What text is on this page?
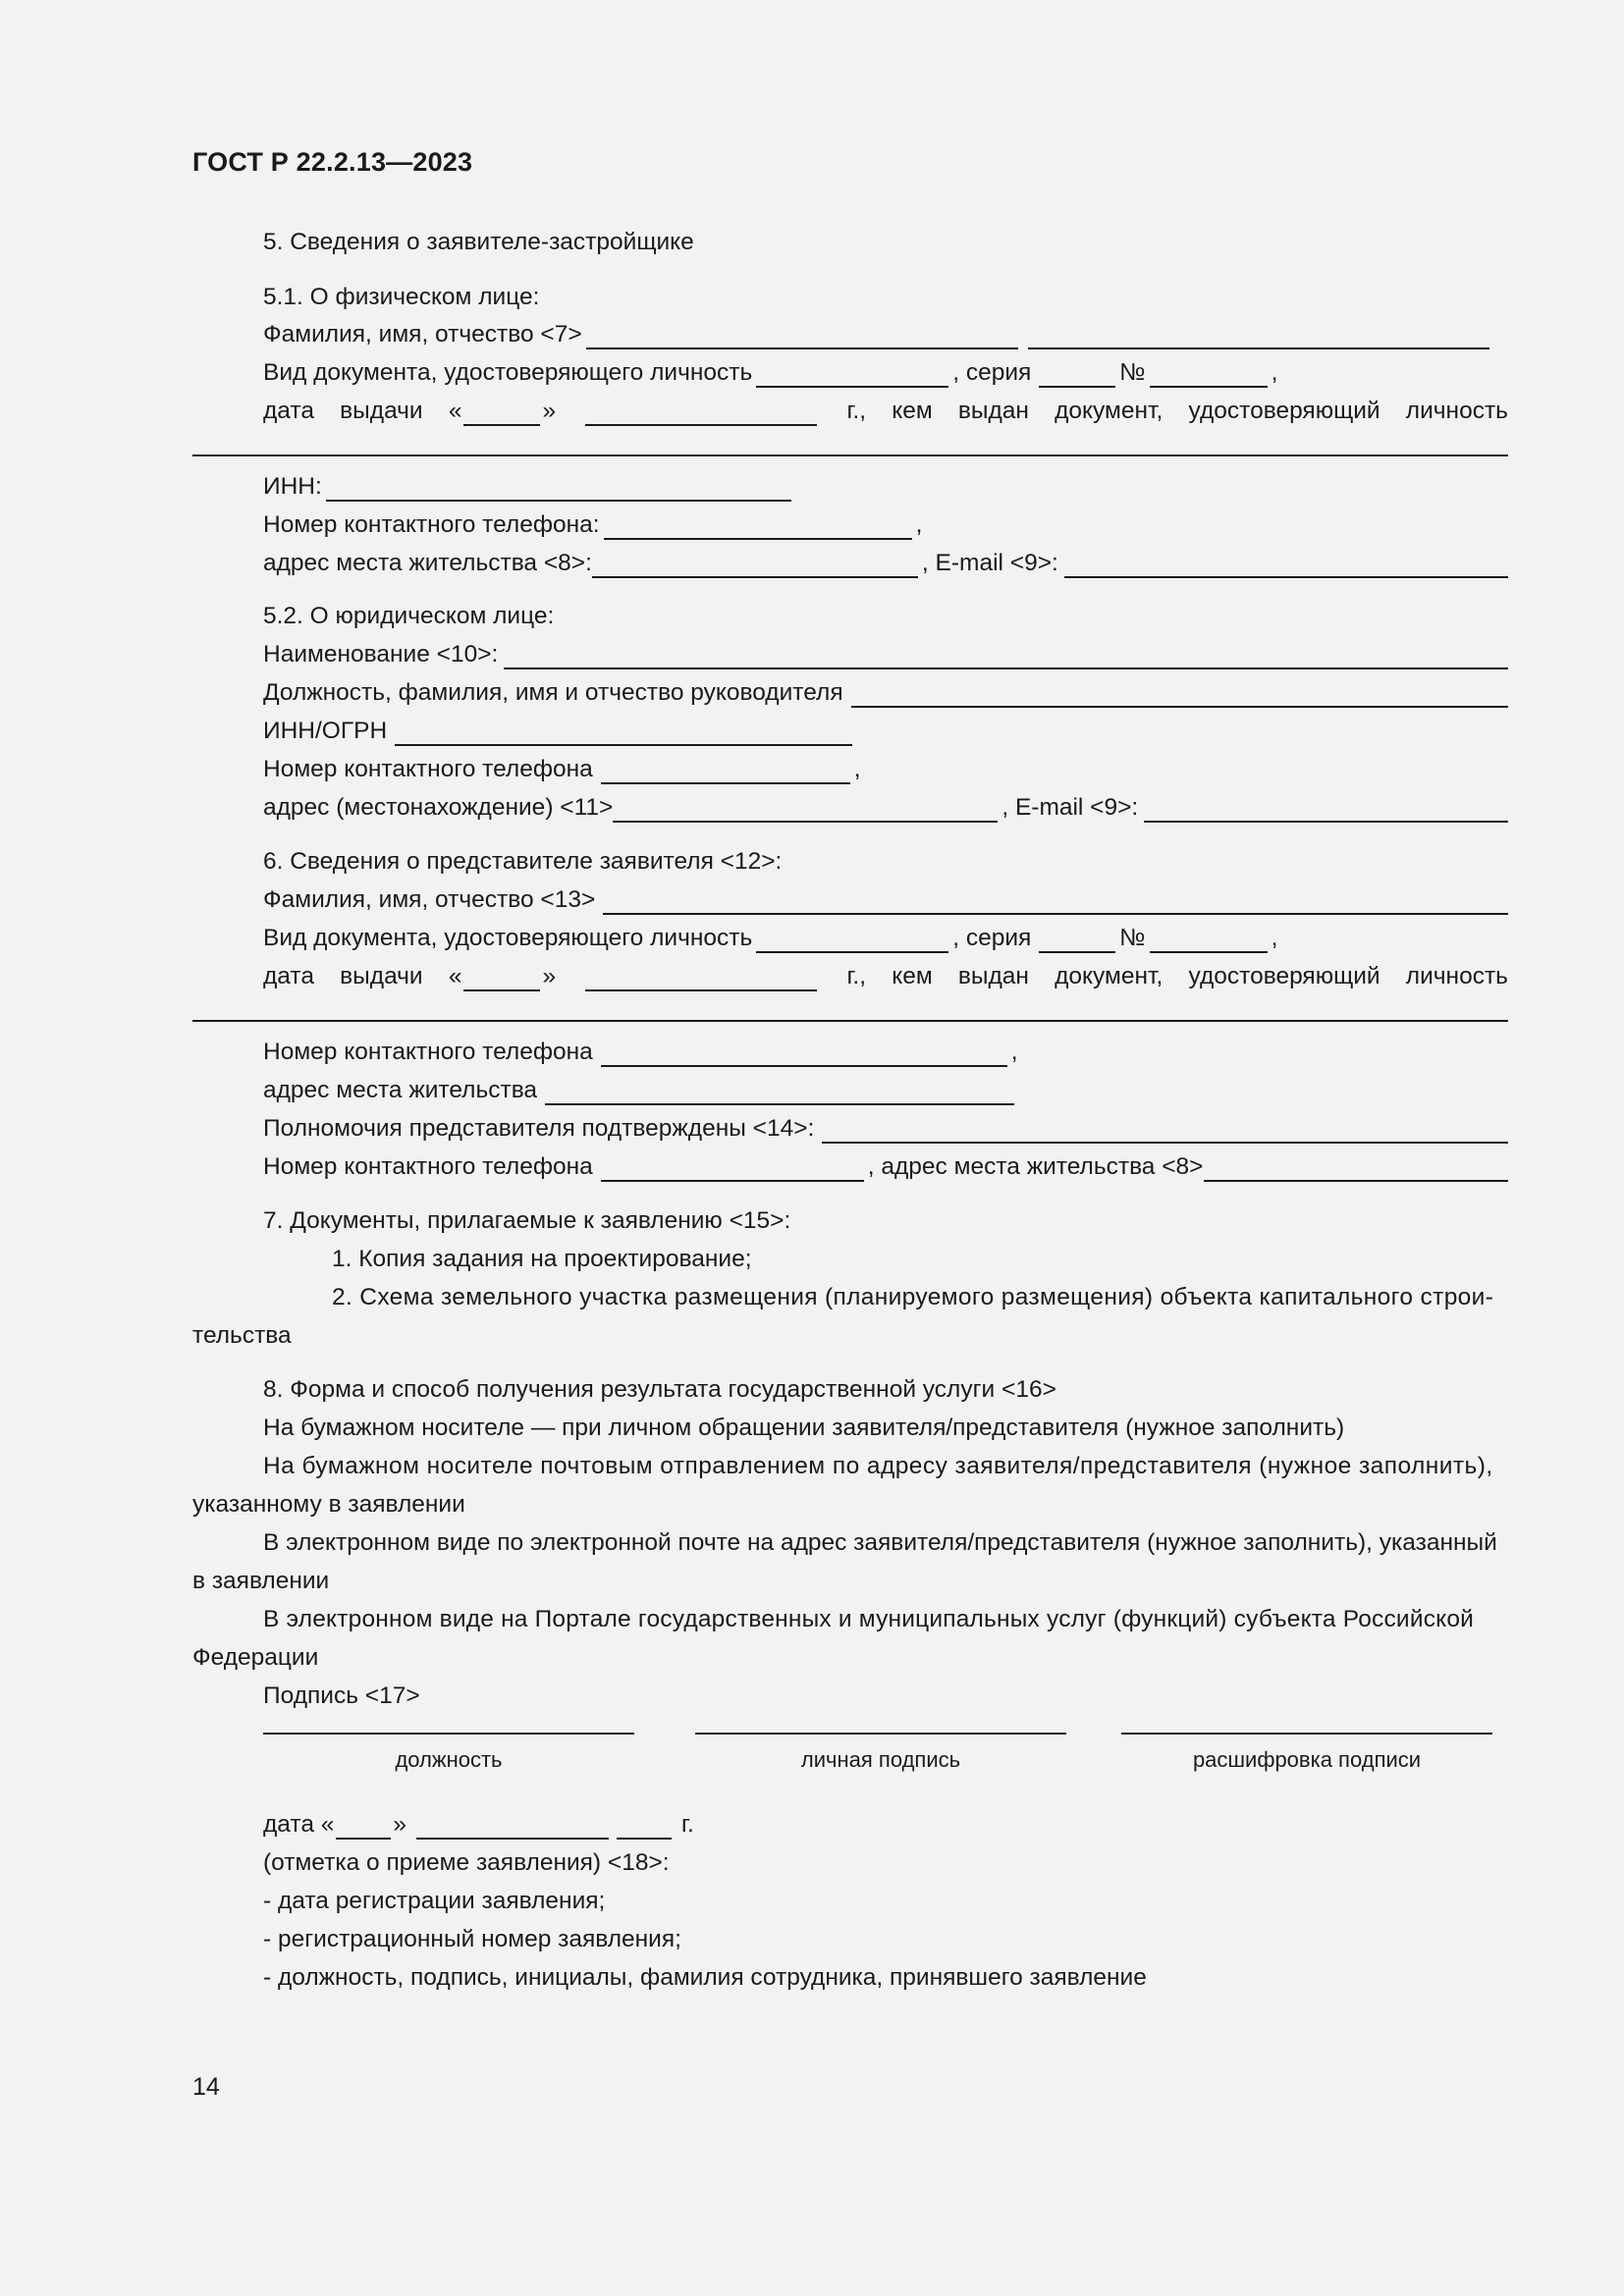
ГОСТ Р 22.2.13—2023
5. Сведения о заявителе-застройщике
5.1. О физическом лице:
Фамилия, имя, отчество <7>
Вид документа, удостоверяющего личность	, серия	№	,
дата выдачи «	»	г., кем выдан документ, удостоверяющий личность
ИНН:
Номер контактного телефона:	,
адрес места жительства <8>:	, E-mail <9>:
5.2. О юридическом лице:
Наименование <10>:
Должность, фамилия, имя и отчество руководителя
ИНН/ОГРН
Номер контактного телефона	,
адрес (местонахождение) <11>	, E-mail <9>:
6. Сведения о представителе заявителя <12>:
Фамилия, имя, отчество <13>
Вид документа, удостоверяющего личность	, серия	№	,
дата выдачи «	»	г., кем выдан документ, удостоверяющий личность
Номер контактного телефона	,
адрес места жительства
Полномочия представителя подтверждены <14>:
Номер контактного телефона	, адрес места жительства <8>
7. Документы, прилагаемые к заявлению <15>:
1. Копия задания на проектирование;
2. Схема земельного участка размещения (планируемого размещения) объекта капитального строи-
тельства
8. Форма и способ получения результата государственной услуги <16>
На бумажном носителе — при личном обращении заявителя/представителя (нужное заполнить)
На бумажном носителе почтовым отправлением по адресу заявителя/представителя (нужное заполнить),
указанному в заявлении
В электронном виде по электронной почте на адрес заявителя/представителя (нужное заполнить), указанный
в заявлении
В электронном виде на Портале государственных и муниципальных услуг (функций) субъекта Российской
Федерации
Подпись <17>
должность	личная подпись	расшифровка подписи
дата « »	г.
(отметка о приеме заявления) <18>:
- дата регистрации заявления;
- регистрационный номер заявления;
- должность, подпись, инициалы, фамилия сотрудника, принявшего заявление
14
